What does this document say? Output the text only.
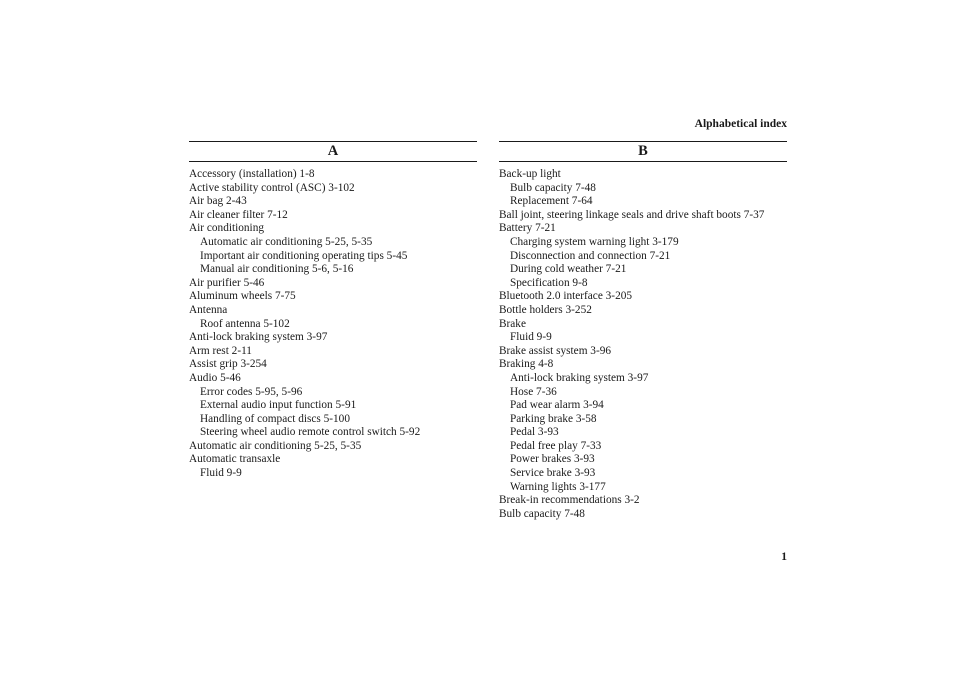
Alphabetical index
A
Accessory (installation) 1-8
Active stability control (ASC) 3-102
Air bag 2-43
Air cleaner filter 7-12
Air conditioning
Automatic air conditioning 5-25, 5-35
Important air conditioning operating tips 5-45
Manual air conditioning 5-6, 5-16
Air purifier 5-46
Aluminum wheels 7-75
Antenna
Roof antenna 5-102
Anti-lock braking system 3-97
Arm rest 2-11
Assist grip 3-254
Audio 5-46
Error codes 5-95, 5-96
External audio input function 5-91
Handling of compact discs 5-100
Steering wheel audio remote control switch 5-92
Automatic air conditioning 5-25, 5-35
Automatic transaxle
Fluid 9-9
B
Back-up light
Bulb capacity 7-48
Replacement 7-64
Ball joint, steering linkage seals and drive shaft boots 7-37
Battery 7-21
Charging system warning light 3-179
Disconnection and connection 7-21
During cold weather 7-21
Specification 9-8
Bluetooth 2.0 interface 3-205
Bottle holders 3-252
Brake
Fluid 9-9
Brake assist system 3-96
Braking 4-8
Anti-lock braking system 3-97
Hose 7-36
Pad wear alarm 3-94
Parking brake 3-58
Pedal 3-93
Pedal free play 7-33
Power brakes 3-93
Service brake 3-93
Warning lights 3-177
Break-in recommendations 3-2
Bulb capacity 7-48
1
